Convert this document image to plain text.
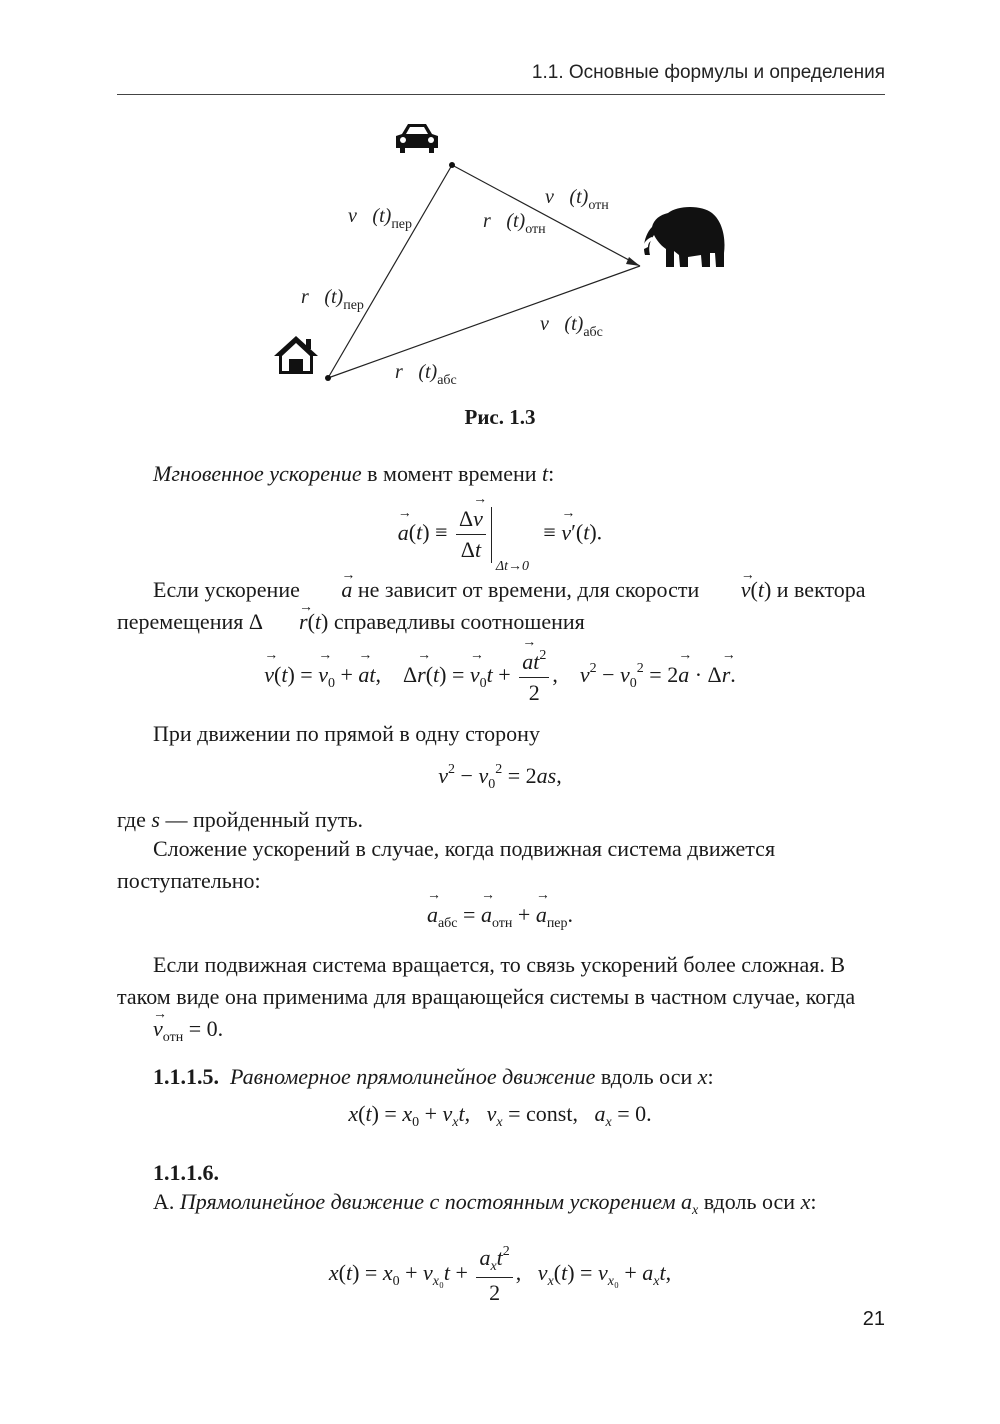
1.1. Основные формулы и определения
$v⃗(t)_{пер}$	$r⃗(t)_{отн}$
$v⃗(t)_{отн}$
$r⃗(t)_{пер}$
$v⃗(t)_{абс}$
$r⃗(t)_{абс}$
Рис. 1.3
Мгновенное ускорение в момент времени t:
→ $a(t) \equiv \frac{\Delta\to v}{\Delta t}$
Δt→0
≡ → v′(t).
Если ускорение → a не зависит от времени, для скорости → v(t) и вектора перемещения Δ → r(t) справедливы соотношения
→ v(t) = → $v_0$ + → at,    Δ→ r(t) = → $v_0t$ + → $\frac{at^2}{2}$ ,    $v^2 - v_0^2 = 2\to a \cdot \Delta\to r$.
При движении по прямой в одну сторону
$v^2 - v_0^2 = 2as$,
где s — пройденный путь.
Сложение ускорений в случае, когда подвижная система движется поступательно:
→ $a_{абс}$ = → $a_{отн}$ + → $a_{пер}$.
Если подвижная система вращается, то связь ускорений более сложная. В таком виде она применима для вращающейся системы в частном случае, когда → $v_{отн} = 0$.
1.1.1.5. Равномерное прямолинейное движение вдоль оси x:
$x(t) = x_0 + v_xt$,   $v_x$ = const,   $a_x = 0$.
1.1.1.6.
А. Прямолинейное движение с постоянным ускорением $a_x$ вдоль оси x:
$x(t) = x_0 + v_{x_0}t + \frac{a_xt^2}{2}$ ,   $v_x(t) = v_{x_0} + a_xt$,
21
